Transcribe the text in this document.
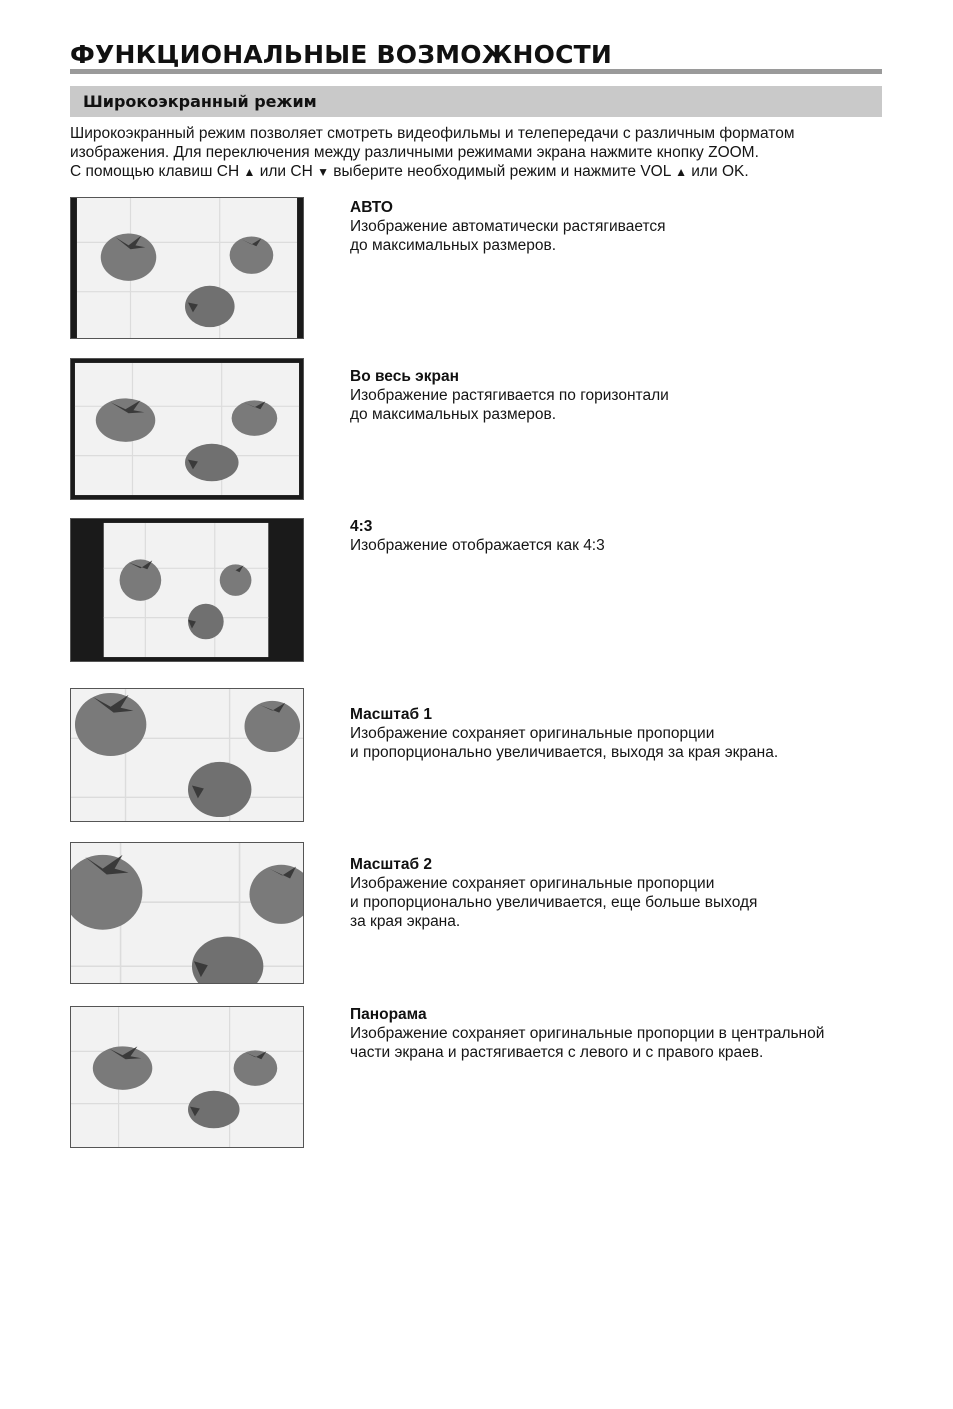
ФУНКЦИОНАЛЬНЫЕ ВОЗМОЖНОСТИ
Широкоэкранный режим
Широкоэкранный режим позволяет смотреть видеофильмы и телепередачи с различным форматом
изображения. Для переключения между различными режимами экрана нажмите кнопку ZOOM.
С помощью клавиш CH ▲ или CH ▼ выберите необходимый режим и нажмите VOL ▲ или OK.
АВТО
Изображение автоматически растягивается
до максимальных размеров.
Во весь экран
Изображение растягивается по горизонтали
до максимальных размеров.
4:3
Изображение отображается как 4:3
Масштаб 1
Изображение сохраняет оригинальные пропорции
и пропорционально увеличивается, выходя за края экрана.
Масштаб 2
Изображение сохраняет оригинальные пропорции
и пропорционально увеличивается, еще больше выходя
за края экрана.
Панорама
Изображение сохраняет оригинальные пропорции в центральной
части экрана и растягивается с левого и с правого краев.
